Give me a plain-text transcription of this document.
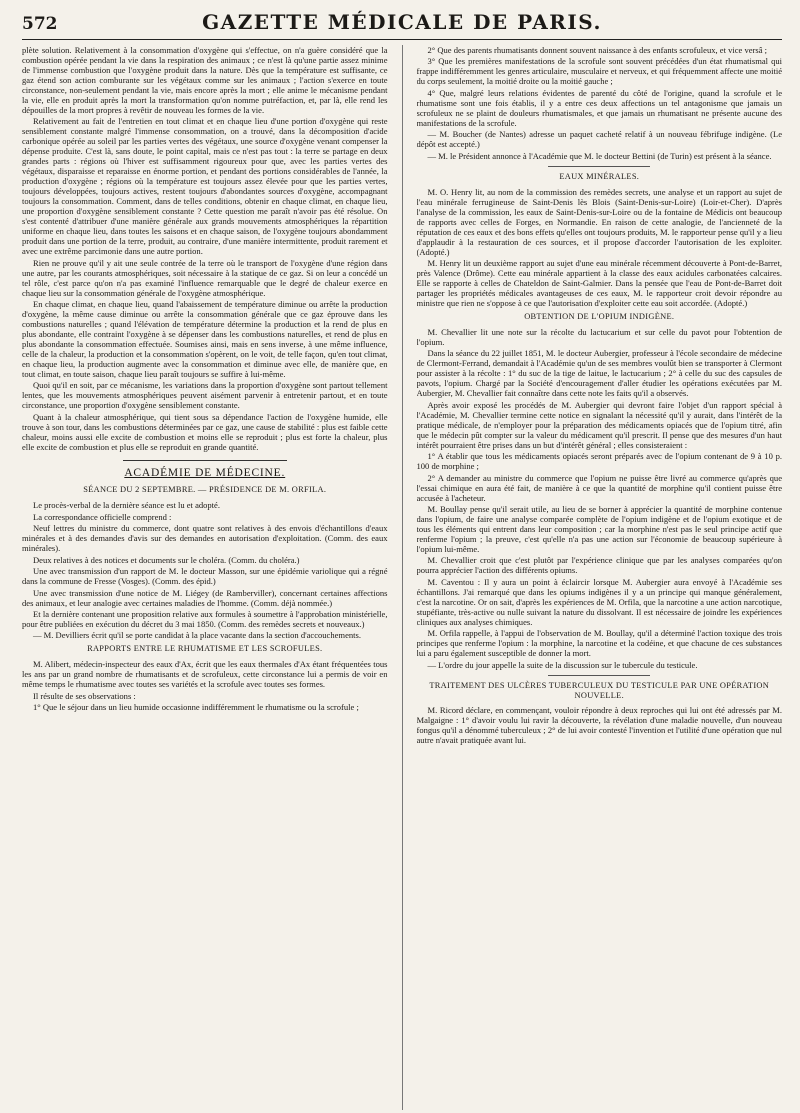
572	GAZETTE MÉDICALE DE PARIS.

plète solution. Relativement à la consommation d'oxygène qui s'effectue, on n'a guère considéré que la combustion opérée pendant la vie dans la respiration des animaux ; ce n'est là qu'une partie assez minime de l'immense combustion que l'oxygène produit dans la nature. Dès que la température est suffisante, ce gaz étend son action comburante sur les végétaux comme sur les animaux ; l'action s'exerce en toute circonstance, non-seulement pendant la vie, mais encore après la mort ; elle anime le mécanisme pendant la vie, elle en produit après la mort la transformation qu'on nomme putréfaction, et, par là, elle rend les dépouilles de la mort propres à revêtir de nouveau les formes de la vie.

Relativement au fait de l'entretien en tout climat et en chaque lieu d'une portion d'oxygène qui reste sensiblement constante malgré l'immense consommation, on a trouvé, dans la décomposition d'acide carbonique opérée au soleil par les parties vertes des végétaux, une source d'oxygène venant compenser la dépense produite. C'est là, sans doute, le point capital, mais ce n'est pas tout : la terre se partage en deux grandes parts : régions où l'hiver est suffisamment rigoureux pour que, avec les parties vertes des végétaux, disparaisse et reparaisse en énorme portion, et pendant des portions considérables de l'année, la production d'oxygène ; régions où la température est toujours assez élevée pour que les parties vertes, toujours développées, toujours actives, restent toujours d'abondantes sources d'oxygène, accompagnant toujours la consommation. Comment, dans de telles conditions, obtenir en chaque climat, en chaque lieu, une proportion d'oxygène sensiblement constante ? Cette question me paraît n'avoir pas été résolue. On s'est contenté d'attribuer d'une manière générale aux grands mouvements atmosphériques la répartition uniforme en chaque lieu, dans toutes les saisons et en chaque saison, de l'oxygène toujours abondamment produit dans une portion de la terre, produit, au contraire, d'une manière intermittente, produit rarement et avec une extrême parcimonie dans une autre portion.

Rien ne prouve qu'il y ait une seule contrée de la terre où le transport de l'oxygène d'une région dans une autre, par les courants atmosphériques, soit nécessaire à la statique de ce gaz. Si on leur a concédé un tel rôle, c'est parce qu'on n'a pas examiné l'influence remarquable que le degré de chaleur exerce en chaque lieu sur la consommation générale de l'oxygène atmosphérique.

En chaque climat, en chaque lieu, quand l'abaissement de température diminue ou arrête la production d'oxygène, la même cause diminue ou arrête la consommation générale que ce gaz éprouve dans les combustions naturelles ; quand l'élévation de température détermine la production et la rend de plus en plus abondante, elle contraint l'oxygène à se dépenser dans les combustions naturelles, et rend de plus en plus abondante la consommation effectuée. Soumises ainsi, mais en sens inverse, à une même influence, celle de la chaleur, la production et la consommation s'opèrent, on le voit, de telle façon, qu'en tout climat, en chaque lieu, la production augmente avec la consommation et diminue avec elle, de manière que, en tout climat, en toute saison, chaque lieu paraît toujours se suffire à lui-même.

Quoi qu'il en soit, par ce mécanisme, les variations dans la proportion d'oxygène sont partout tellement lentes, que les mouvements atmosphériques peuvent aisément parvenir à entretenir partout, et en toute circonstance, une proportion d'oxygène sensiblement constante.

Quant à la chaleur atmosphérique, qui tient sous sa dépendance l'action de l'oxygène humide, elle trouve à son tour, dans les combustions déterminées par ce gaz, une cause de stabilité : plus est faible cette chaleur, moins aussi elle excite de combustion et moins elle se reproduit ; plus est forte la chaleur, plus elle excite de combustion et plus elle se reproduit en grande quantité.

ACADÉMIE DE MÉDECINE.
SÉANCE DU 2 SEPTEMBRE. — PRÉSIDENCE DE M. ORFILA.

Le procès-verbal de la dernière séance est lu et adopté.

La correspondance officielle comprend :

Neuf lettres du ministre du commerce, dont quatre sont relatives à des envois d'échantillons d'eaux minérales et à des demandes d'avis sur des demandes en autorisation d'exploitation. (Comm. des eaux minérales).

Deux relatives à des notices et documents sur le choléra. (Comm. du choléra.)

Une avec transmission d'un rapport de M. le docteur Masson, sur une épidémie variolique qui a régné dans la commune de Fresse (Vosges). (Comm. des épid.)

Une avec transmission d'une notice de M. Liégey (de Ramberviller), concernant certaines affections des animaux, et leur analogie avec certaines maladies de l'homme. (Comm. déjà nommée.)

Et la dernière contenant une proposition relative aux formules à soumettre à l'approbation ministérielle, pour être publiées en exécution du décret du 3 mai 1850. (Comm. des remèdes secrets et nouveaux.)

— M. Devilliers écrit qu'il se porte candidat à la place vacante dans la section d'accouchements.

RAPPORTS ENTRE LE RHUMATISME ET LES SCROFULES.

M. Alibert, médecin-inspecteur des eaux d'Ax, écrit que les eaux thermales d'Ax étant fréquentées tous les ans par un grand nombre de rhumatisants et de scrofuleux, cette circonstance lui a permis de voir en même temps le rhumatisme avec toutes ses variétés et la scrofule avec toutes ses formes.

Il résulte de ses observations :

1° Que le séjour dans un lieu humide occasionne indifféremment le rhumatisme ou la scrofule ;

2° Que des parents rhumatisants donnent souvent naissance à des enfants scrofuleux, et vice versâ ;

3° Que les premières manifestations de la scrofule sont souvent précédées d'un état rhumatismal qui frappe indifféremment les genres articulaire, musculaire et nerveux, et qui fréquemment affecte une moitié du corps seulement, la moitié droite ou la moitié gauche ;

4° Que, malgré leurs relations évidentes de parenté du côté de l'origine, quand la scrofule et le rhumatisme sont une fois établis, il y a entre ces deux affections un tel antagonisme que jamais un scrofuleux ne se plaint de douleurs rhumatismales, et que jamais un rhumatisant ne présente aucune des manifestations de la scrofule.

— M. Boucher (de Nantes) adresse un paquet cacheté relatif à un nouveau fébrifuge indigène. (Le dépôt est accepté.)

— M. le Président annonce à l'Académie que M. le docteur Bettini (de Turin) est présent à la séance.

EAUX MINÉRALES.

M. O. Henry lit, au nom de la commission des remèdes secrets, une analyse et un rapport au sujet de l'eau minérale ferrugineuse de Saint-Denis lès Blois (Saint-Denis-sur-Loire) (Loir-et-Cher). D'après l'analyse de la commission, les eaux de Saint-Denis-sur-Loire ou de la fontaine de Médicis ont beaucoup de rapports avec celles de Forges, en Normandie. En raison de cette analogie, de l'ancienneté de la réputation de ces eaux et des bons effets qu'elles ont toujours produits, M. le rapporteur pense qu'il y a lieu d'applaudir à la restauration de ces sources, et il propose d'accorder l'autorisation de les exploiter. (Adopté.)

M. Henry lit un deuxième rapport au sujet d'une eau minérale récemment découverte à Pont-de-Barret, près Valence (Drôme). Cette eau minérale appartient à la classe des eaux acidules carbonatées calcaires. Elle se rapporte à celles de Chateldon de Saint-Galmier. Dans la pensée que l'eau de Pont-de-Barret doit partager les propriétés médicales avantageuses de ces eaux, M. le rapporteur croit devoir répondre au ministre que rien ne s'oppose à ce que l'autorisation d'exploiter cette eau soit accordée. (Adopté.)

OBTENTION DE L'OPIUM INDIGÈNE.

M. Chevallier lit une note sur la récolte du lactucarium et sur celle du pavot pour l'obtention de l'opium.

Dans la séance du 22 juillet 1851, M. le docteur Aubergier, professeur à l'école secondaire de médecine de Clermont-Ferrand, demandait à l'Académie qu'un de ses membres voulût bien se transporter à Clermont pour assister à la récolte : 1° du suc de la tige de laitue, le lactucarium ; 2° à celle du suc des capsules de pavots, l'opium. Chargé par la Société d'encouragement d'aller étudier les opérations exécutées par M. Aubergier, M. Chevallier fait connaître dans cette note les faits qu'il a observés.

Après avoir exposé les procédés de M. Aubergier qui devront faire l'objet d'un rapport spécial à l'Académie, M. Chevallier termine cette notice en signalant la nécessité qu'il y aurait, dans l'intérêt de la pratique médicale, de n'employer pour la préparation des médicaments opiacés que de l'opium titré, afin que le médecin pût compter sur la valeur du médicament qu'il prescrit. Il pense que des mesures d'un haut intérêt pourraient être prises dans un but d'intérêt général ; elles consisteraient :

1° A établir que tous les médicaments opiacés seront préparés avec de l'opium contenant de 9 à 10 p. 100 de morphine ;

2° A demander au ministre du commerce que l'opium ne puisse être livré au commerce qu'après que l'essai chimique en aura été fait, de manière à ce que la quantité de morphine qu'il contient puisse être accusée à l'acheteur.

M. Boullay pense qu'il serait utile, au lieu de se borner à apprécier la quantité de morphine contenue dans l'opium, de faire une analyse comparée complète de l'opium indigène et de l'opium exotique et de tous les éléments qui entrent dans leur composition ; car la morphine n'est pas le seul principe actif que renferme l'opium ; la preuve, c'est qu'elle n'a pas une action sur l'économie de beaucoup supérieure à l'opium lui-même.

M. Chevallier croit que c'est plutôt par l'expérience clinique que par les analyses comparées qu'on pourra apprécier l'action des différents opiums.

M. Caventou : Il y aura un point à éclaircir lorsque M. Aubergier aura envoyé à l'Académie ses échantillons. J'ai remarqué que dans les opiums indigènes il y a un principe qui manque généralement, c'est la narcotine. Or on sait, d'après les expériences de M. Orfila, que la narcotine a une action narcotique, stupéfiante, très-active ou nulle suivant la nature du dissolvant. Il est nécessaire de joindre les expériences cliniques aux analyses chimiques.

M. Orfila rappelle, à l'appui de l'observation de M. Boullay, qu'il a déterminé l'action toxique des trois principes que renferme l'opium : la morphine, la narcotine et la codéine, et que chacune de ces substances lui a paru également susceptible de donner la mort.

— L'ordre du jour appelle la suite de la discussion sur le tubercule du testicule.

TRAITEMENT DES ULCÈRES TUBERCULEUX DU TESTICULE PAR UNE OPÉRATION NOUVELLE.

M. Ricord déclare, en commençant, vouloir répondre à deux reproches qui lui ont été adressés par M. Malgaigne : 1° d'avoir voulu lui ravir la découverte, la révélation d'une maladie nouvelle, d'un nouveau fongus qu'il a dénommé tuberculeux ; 2° de lui avoir contesté l'invention et l'utilité d'une opération que nul autre n'avait pratiquée avant lui.
